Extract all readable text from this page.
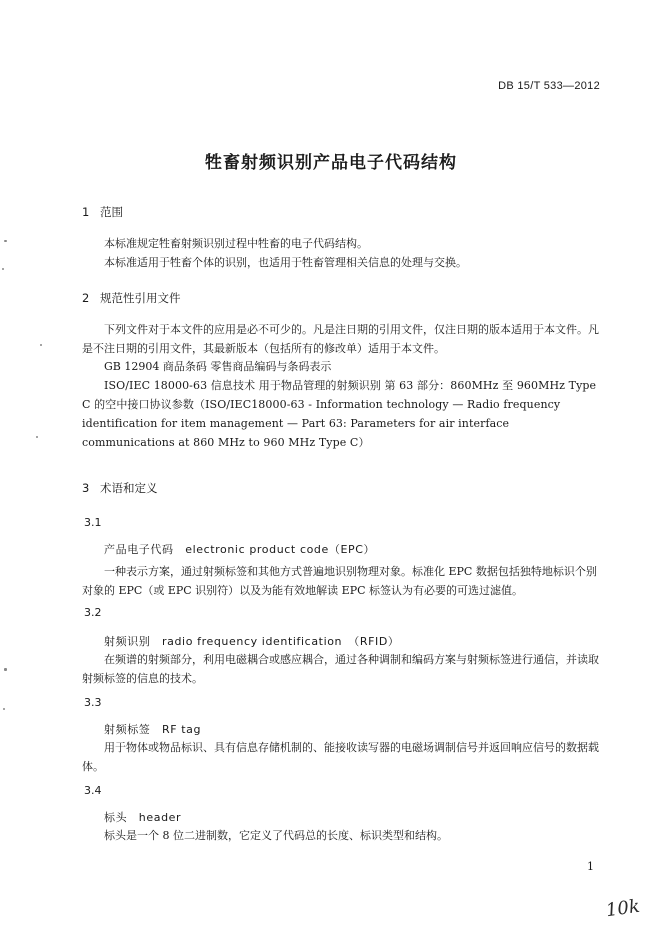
DB 15/T 533—2012
牲畜射频识别产品电子代码结构
1 范围
本标准规定牲畜射频识别过程中牲畜的电子代码结构。
本标准适用于牲畜个体的识别，也适用于牲畜管理相关信息的处理与交换。
2 规范性引用文件
下列文件对于本文件的应用是必不可少的。凡是注日期的引用文件，仅注日期的版本适用于本文件。凡是不注日期的引用文件，其最新版本（包括所有的修改单）适用于本文件。
GB 12904 商品条码 零售商品编码与条码表示
ISO/IEC 18000-63 信息技术 用于物品管理的射频识别 第 63 部分：860MHz 至 960MHz Type C 的空中接口协议参数（ISO/IEC18000-63 - Information technology — Radio frequency identification for item management — Part 63: Parameters for air interface communications at 860 MHz to 960 MHz Type C）
3 术语和定义
3.1
产品电子代码　electronic product code（EPC）
一种表示方案，通过射频标签和其他方式普遍地识别物理对象。标准化 EPC 数据包括独特地标识个别对象的 EPC（或 EPC 识别符）以及为能有效地解读 EPC 标签认为有必要的可选过滤值。
3.2
射频识别　radio frequency identification　（RFID）
在频谱的射频部分，利用电磁耦合或感应耦合，通过各种调制和编码方案与射频标签进行通信，并读取射频标签的信息的技术。
3.3
射频标签　RF tag
用于物体或物品标识、具有信息存储机制的、能接收读写器的电磁场调制信号并返回响应信号的数据载体。
3.4
标头　header
标头是一个 8 位二进制数，它定义了代码总的长度、标识类型和结构。
1
10k
